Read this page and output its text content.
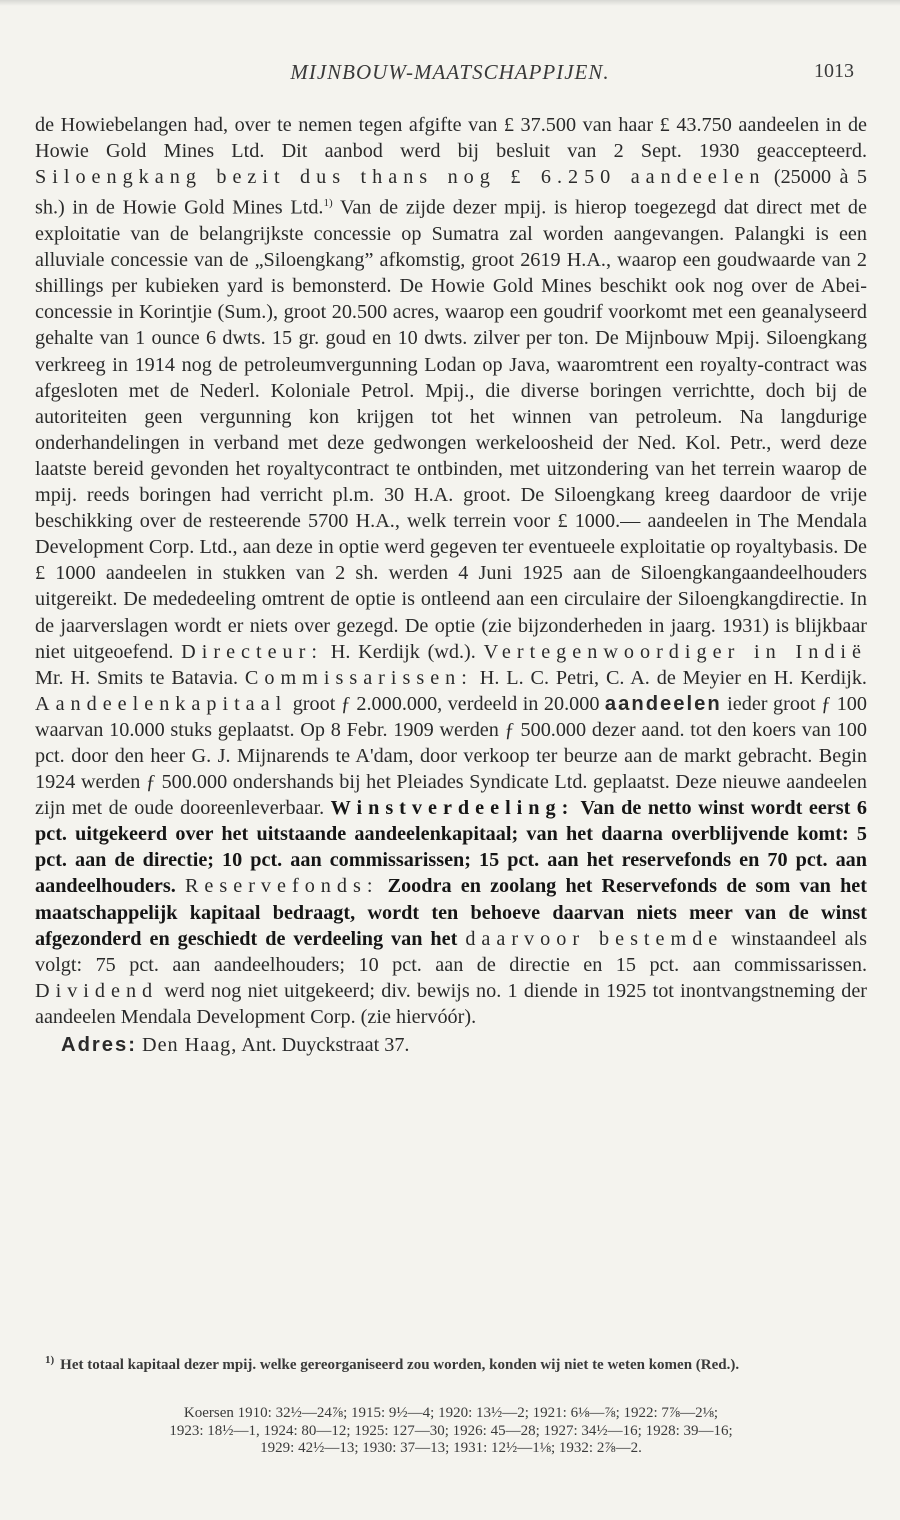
MIJNBOUW-MAATSCHAPPIJEN.	1013
de Howiebelangen had, over te nemen tegen afgifte van £ 37.500 van haar £ 43.750 aandeelen in de Howie Gold Mines Ltd. Dit aanbod werd bij besluit van 2 Sept. 1930 geaccepteerd. Siloengkang bezit dus thans nog £ 6.250 aandeelen (25000 à 5 sh.) in de Howie Gold Mines Ltd.$^{1)}$ Van de zijde dezer mpij. is hierop toegezegd dat direct met de exploitatie van de belangrijkste concessie op Sumatra zal worden aangevangen. Palangki is een alluviale concessie van de „Siloengkang” afkomstig, groot 2619 H.A., waarop een goudwaarde van 2 shillings per kubieken yard is bemonsterd. De Howie Gold Mines beschikt ook nog over de Abei-concessie in Korintjie (Sum.), groot 20.500 acres, waarop een goudrif voorkomt met een geanalyseerd gehalte van 1 ounce 6 dwts. 15 gr. goud en 10 dwts. zilver per ton. De Mijnbouw Mpij. Siloengkang verkreeg in 1914 nog de petroleumvergunning Lodan op Java, waaromtrent een royalty-contract was afgesloten met de Nederl. Koloniale Petrol. Mpij., die diverse boringen verrichtte, doch bij de autoriteiten geen vergunning kon krijgen tot het winnen van petroleum. Na langdurige onderhandelingen in verband met deze gedwongen werkeloosheid der Ned. Kol. Petr., werd deze laatste bereid gevonden het royaltycontract te ontbinden, met uitzondering van het terrein waarop de mpij. reeds boringen had verricht pl.m. 30 H.A. groot. De Siloengkang kreeg daardoor de vrije beschikking over de resteerende 5700 H.A., welk terrein voor £ 1000.— aandeelen in The Mendala Development Corp. Ltd., aan deze in optie werd gegeven ter eventueele exploitatie op royaltybasis. De £ 1000 aandeelen in stukken van 2 sh. werden 4 Juni 1925 aan de Siloengkangaandeelhouders uitgereikt. De mededeeling omtrent de optie is ontleend aan een circulaire der Siloengkangdirectie. In de jaarverslagen wordt er niets over gezegd. De optie (zie bijzonderheden in jaarg. 1931) is blijkbaar niet uitgeoefend. Directeur: H. Kerdijk (wd.). Vertegenwoordiger in Indië Mr. H. Smits te Batavia. Commissarissen: H. L. C. Petri, C. A. de Meyier en H. Kerdijk. Aandeelenkapitaal groot ƒ 2.000.000, verdeeld in 20.000 aandeelen ieder groot ƒ 100 waarvan 10.000 stuks geplaatst. Op 8 Febr. 1909 werden ƒ 500.000 dezer aand. tot den koers van 100 pct. door den heer G. J. Mijnarends te A'dam, door verkoop ter beurze aan de markt gebracht. Begin 1924 werden ƒ 500.000 ondershands bij het Pleiades Syndicate Ltd. geplaatst. Deze nieuwe aandeelen zijn met de oude dooreenleverbaar. Winstverdeeling: Van de netto winst wordt eerst 6 pct. uitgekeerd over het uitstaande aandeelenkapitaal; van het daarna overblijvende komt: 5 pct. aan de directie; 10 pct. aan commissarissen; 15 pct. aan het reservefonds en 70 pct. aan aandeelhouders. Reservefonds: Zoodra en zoolang het Reservefonds de som van het maatschappelijk kapitaal bedraagt, wordt ten behoeve daarvan niets meer van de winst afgezonderd en geschiedt de verdeeling van het daarvoor bestemde winstaandeel als volgt: 75 pct. aan aandeelhouders; 10 pct. aan de directie en 15 pct. aan commissarissen. Dividend werd nog niet uitgekeerd; div. bewijs no. 1 diende in 1925 tot inontvangstneming der aandeelen Mendala Development Corp. (zie hiervóór).
Adres: Den Haag, Ant. Duyckstraat 37.
$^{1)}$ Het totaal kapitaal dezer mpij. welke gereorganiseerd zou worden, konden wij niet te weten komen (Red.).
Koersen 1910: 32½—24⅞; 1915: 9½—4; 1920: 13½—2; 1921: 6⅛—⅞; 1922: 7⅞—2⅛;
1923: 18½—1, 1924: 80—12; 1925: 127—30; 1926: 45—28; 1927: 34½—16; 1928: 39—16;
1929: 42½—13; 1930: 37—13; 1931: 12½—1⅛; 1932: 2⅞—2.
